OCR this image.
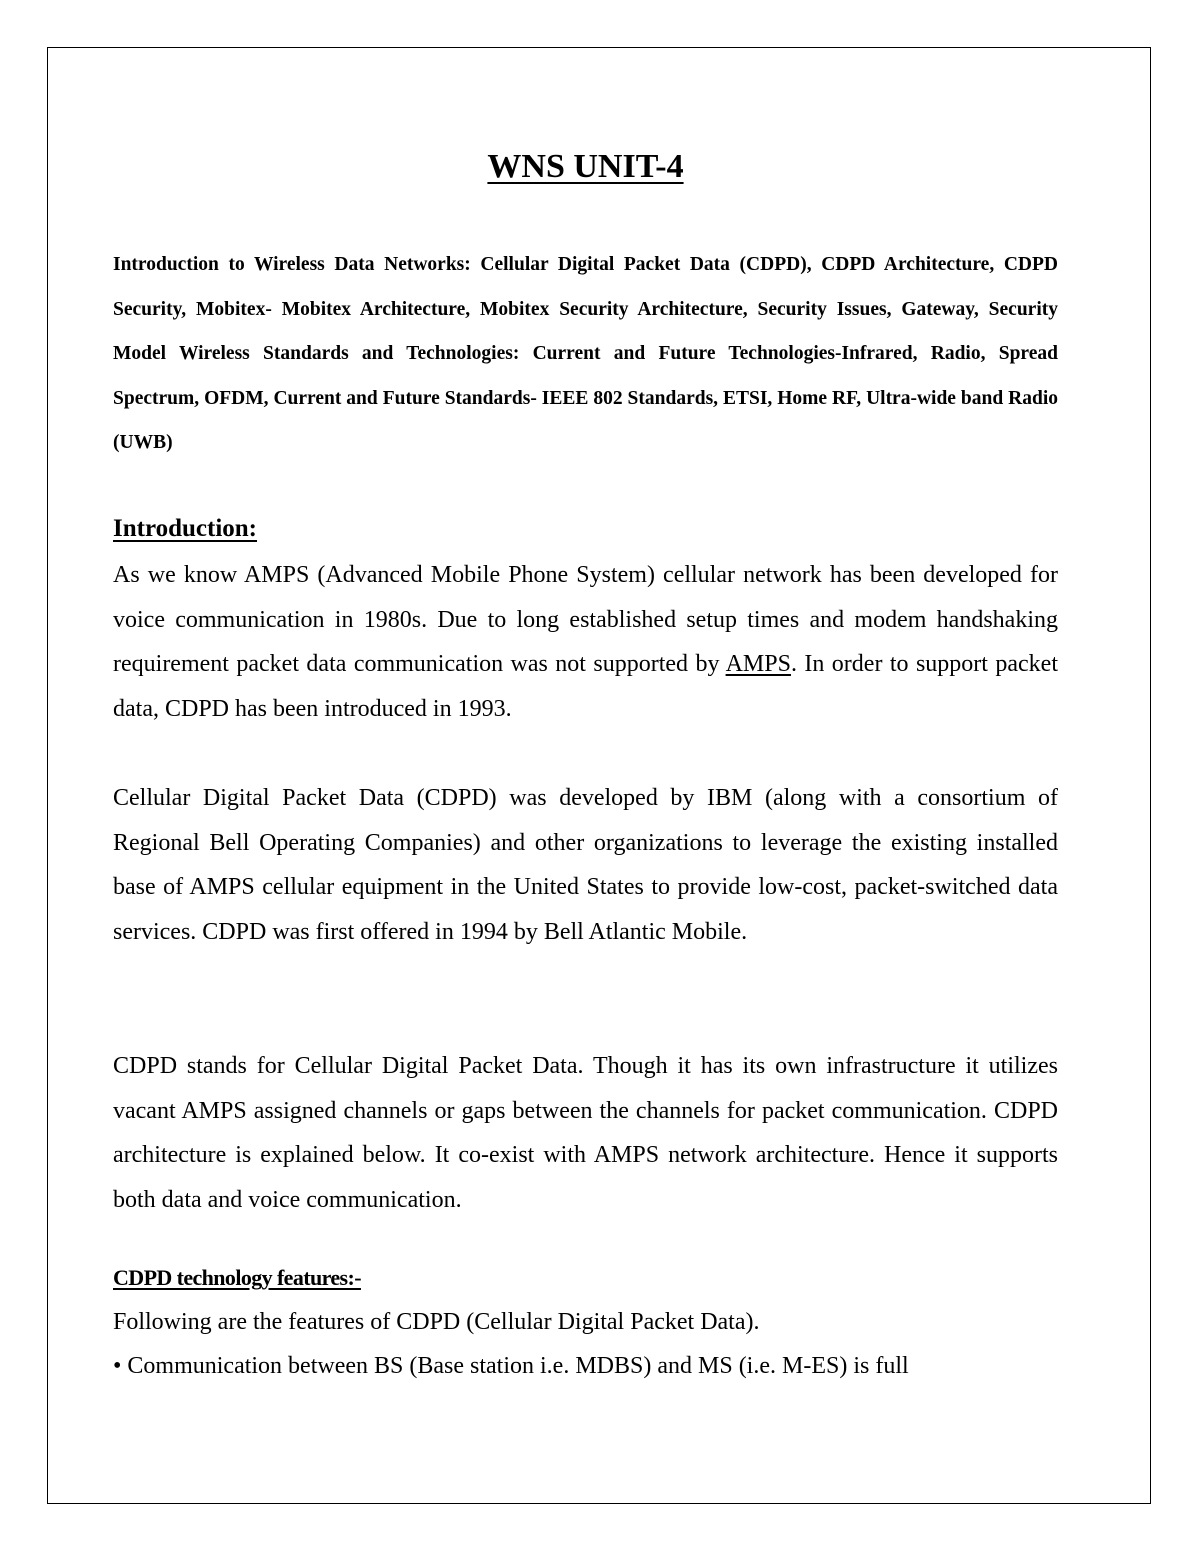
WNS UNIT-4

Introduction to Wireless Data Networks: Cellular Digital Packet Data (CDPD), CDPD Architecture, CDPD Security, Mobitex- Mobitex Architecture, Mobitex Security Architecture, Security Issues, Gateway, Security Model Wireless Standards and Technologies: Current and Future Technologies-Infrared, Radio, Spread Spectrum, OFDM, Current and Future Standards- IEEE 802 Standards, ETSI, Home RF, Ultra-wide band Radio (UWB)

Introduction:

As we know AMPS (Advanced Mobile Phone System) cellular network has been developed for voice communication in 1980s. Due to long established setup times and modem handshaking requirement packet data communication was not supported by AMPS. In order to support packet data, CDPD has been introduced in 1993.

Cellular Digital Packet Data (CDPD) was developed by IBM (along with a consortium of Regional Bell Operating Companies) and other organizations to leverage the existing installed base of AMPS cellular equipment in the United States to provide low-cost, packet-switched data services. CDPD was first offered in 1994 by Bell Atlantic Mobile.

CDPD stands for Cellular Digital Packet Data. Though it has its own infrastructure it utilizes vacant AMPS assigned channels or gaps between the channels for packet communication. CDPD architecture is explained below. It co-exist with AMPS network architecture. Hence it supports both data and voice communication.

CDPD technology features:-

Following are the features of CDPD (Cellular Digital Packet Data).

• Communication between BS (Base station i.e. MDBS) and MS (i.e. M-ES) is full
